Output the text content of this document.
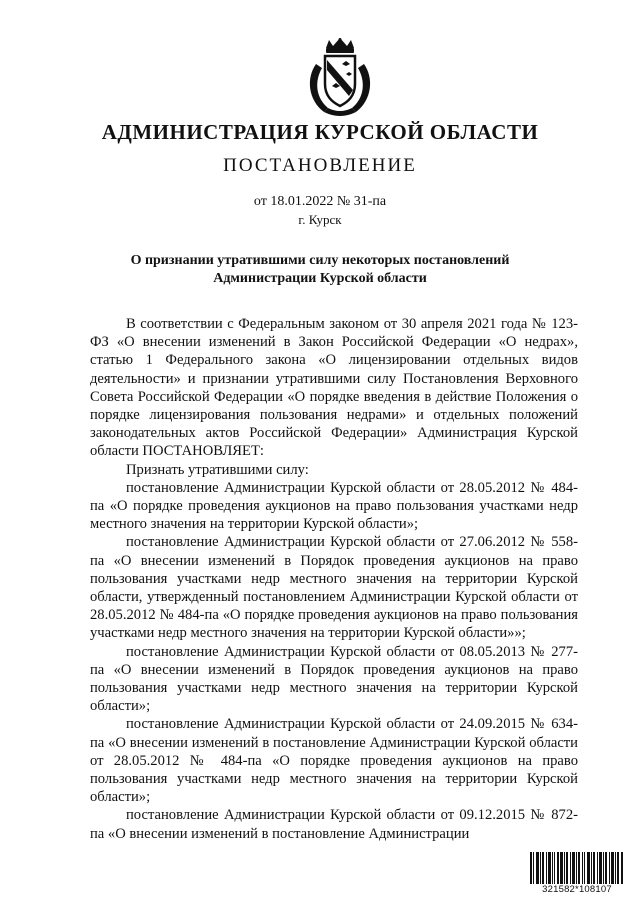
АДМИНИСТРАЦИЯ КУРСКОЙ ОБЛАСТИ
ПОСТАНОВЛЕНИЕ
от 18.01.2022 № 31-па
г. Курск
О признании утратившими силу некоторых постановлений
Администрации Курской области

В соответствии с Федеральным законом от 30 апреля 2021 года № 123-ФЗ «О внесении изменений в Закон Российской Федерации «О недрах», статью 1 Федерального закона «О лицензировании отдельных видов деятельности» и признании утратившими силу Постановления Верховного Совета Российской Федерации «О порядке введения в действие Положения о порядке лицензирования пользования недрами» и отдельных положений законодательных актов Российской Федерации» Администрация Курской области ПОСТАНОВЛЯЕТ:

Признать утратившими силу:

постановление Администрации Курской области от 28.05.2012 № 484-па «О порядке проведения аукционов на право пользования участками недр местного значения на территории Курской области»;

постановление Администрации Курской области от 27.06.2012 № 558-па «О внесении изменений в Порядок проведения аукционов на право пользования участками недр местного значения на территории Курской области, утвержденный постановлением Администрации Курской области от 28.05.2012 № 484-па «О порядке проведения аукционов на право пользования участками недр местного значения на территории Курской области»»;

постановление Администрации Курской области от 08.05.2013 № 277-па «О внесении изменений в Порядок проведения аукционов на право пользования участками недр местного значения на территории Курской области»;

постановление Администрации Курской области от 24.09.2015 № 634-па «О внесении изменений в постановление Администрации Курской области от 28.05.2012 № 484-па «О порядке проведения аукционов на право пользования участками недр местного значения на территории Курской области»;

постановление Администрации Курской области от 09.12.2015 № 872-па «О внесении изменений в постановление Администрации

321582*108107
